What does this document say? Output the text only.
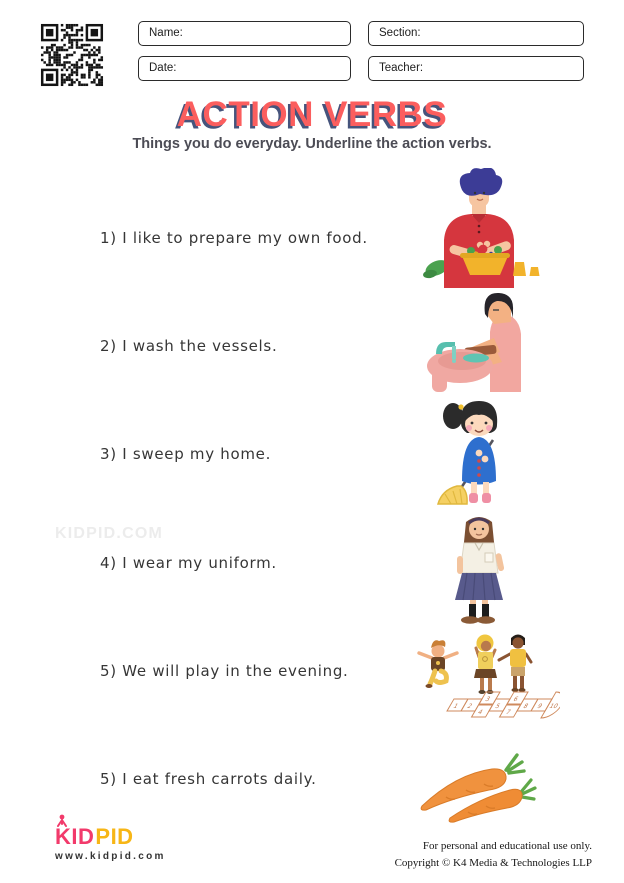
Name:	Section:
Date:	Teacher:
ACTION VERBS
Things you do everyday. Underline the action verbs.
1) I like to prepare my own food.
2) I wash the vessels.
3) I sweep my home.
4) I wear my uniform.
5) We will play in the evening.
5) I eat fresh carrots daily.
1 2
3
4
5
6
7
8 9 10
KIDPID.COM
KIDPID
www.kidpid.com
For personal and educational use only.
Copyright © K4 Media & Technologies LLP
